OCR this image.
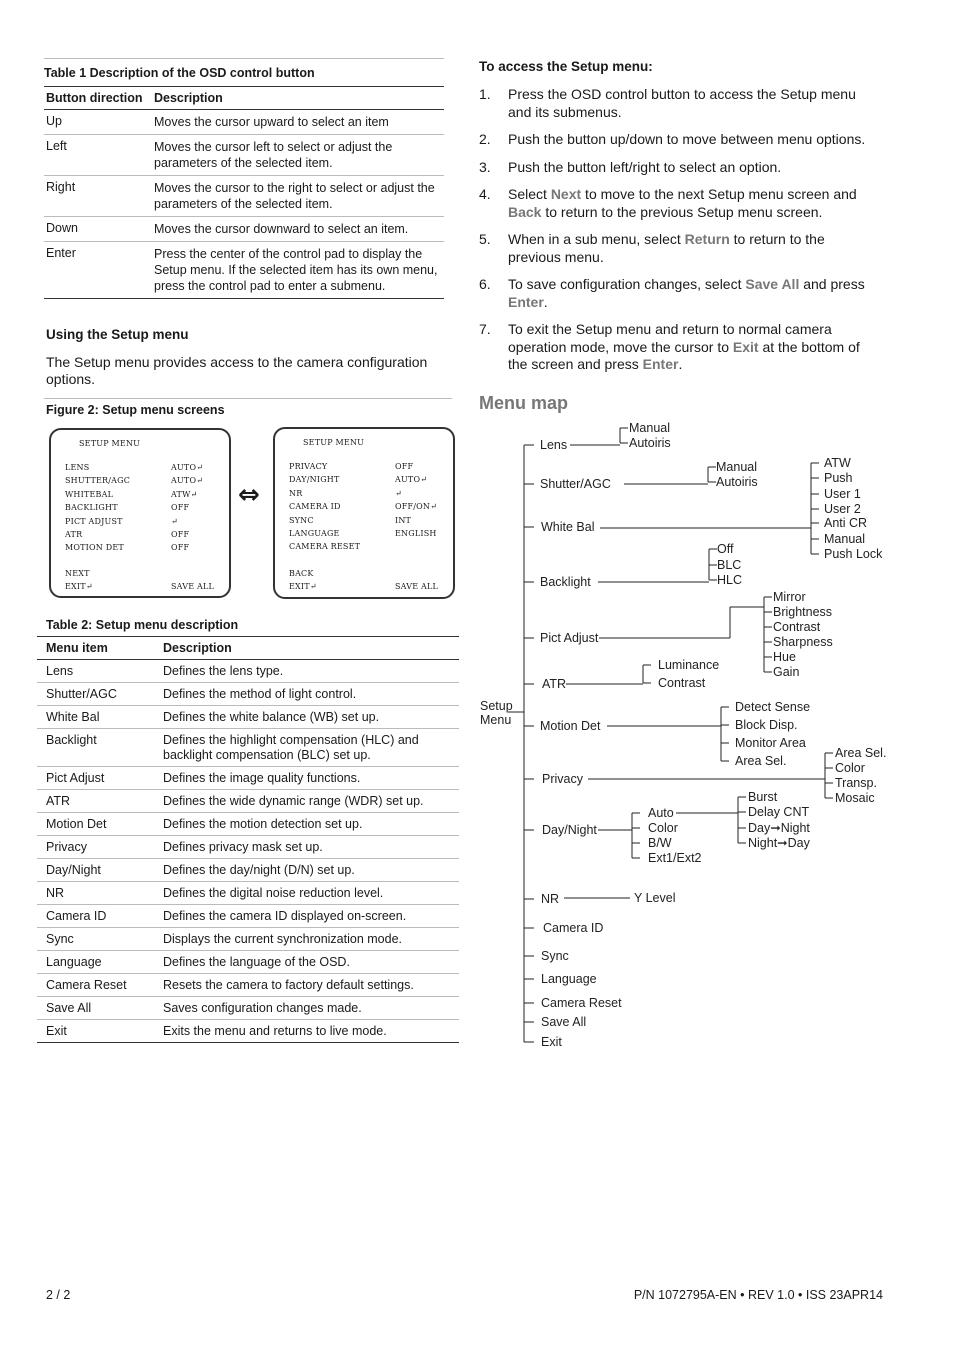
Table 1 Description of the OSD control button
Button direction	Description
Up	Moves the cursor upward to select an item
Left	Moves the cursor left to select or adjust the parameters of the selected item.
Right	Moves the cursor to the right to select or adjust the parameters of the selected item.
Down	Moves the cursor downward to select an item.
Enter	Press the center of the control pad to display the Setup menu. If the selected item has its own menu, press the control pad to enter a submenu.
Using the Setup menu
The Setup menu provides access to the camera configuration options.
Figure 2: Setup menu screens
SETUP MENU
LENS	AUTO↵
SHUTTER/AGC	AUTO↵
WHITEBAL	ATW↵
BACKLIGHT	OFF
PICT ADJUST	↵
ATR	OFF
MOTION DET	OFF
NEXT
EXIT↵	SAVE ALL
⇔
SETUP MENU
PRIVACY	OFF
DAY/NIGHT	AUTO↵
NR	↵
CAMERA ID	OFF/ON↵
SYNC	INT
LANGUAGE	ENGLISH
CAMERA RESET
BACK
EXIT↵	SAVE ALL
Table 2: Setup menu description
Menu item	Description
Lens	Defines the lens type.
Shutter/AGC	Defines the method of light control.
White Bal	Defines the white balance (WB) set up.
Backlight	Defines the highlight compensation (HLC) and backlight compensation (BLC) set up.
Pict Adjust	Defines the image quality functions.
ATR	Defines the wide dynamic range (WDR) set up.
Motion Det	Defines the motion detection set up.
Privacy	Defines privacy mask set up.
Day/Night	Defines the day/night (D/N) set up.
NR	Defines the digital noise reduction level.
Camera ID	Defines the camera ID displayed on-screen.
Sync	Displays the current synchronization mode.
Language	Defines the language of the OSD.
Camera Reset	Resets the camera to factory default settings.
Save All	Saves configuration changes made.
Exit	Exits the menu and returns to live mode.
To access the Setup menu:
1. Press the OSD control button to access the Setup menu and its submenus.
2. Push the button up/down to move between menu options.
3. Push the button left/right to select an option.
4. Select Next to move to the next Setup menu screen and Back to return to the previous Setup menu screen.
5. When in a sub menu, select Return to return to the previous menu.
6. To save configuration changes, select Save All and press Enter.
7. To exit the Setup menu and return to normal camera operation mode, move the cursor to Exit at the bottom of the screen and press Enter.
Menu map
Setup
Menu
Lens
Shutter/AGC
White Bal
Backlight
Pict Adjust
ATR
Motion Det
Privacy
Day/Night
NR
Camera ID
Sync
Language
Camera Reset
Save All
Exit
Manual
Autoiris
Manual
Autoiris
ATW
Push
User 1
User 2
Anti CR
Manual
Push Lock
Off
BLC
HLC
Mirror
Brightness
Contrast
Sharpness
Hue
Gain
Luminance
Contrast
Detect Sense
Block Disp.
Monitor Area
Area Sel.
Area Sel.
Color
Transp.
Mosaic
Auto
Color
B/W
Ext1/Ext2
Burst
Delay CNT
Day➞Night
Night➞Day
Y Level
2 / 2	P/N 1072795A-EN • REV 1.0 • ISS 23APR14
